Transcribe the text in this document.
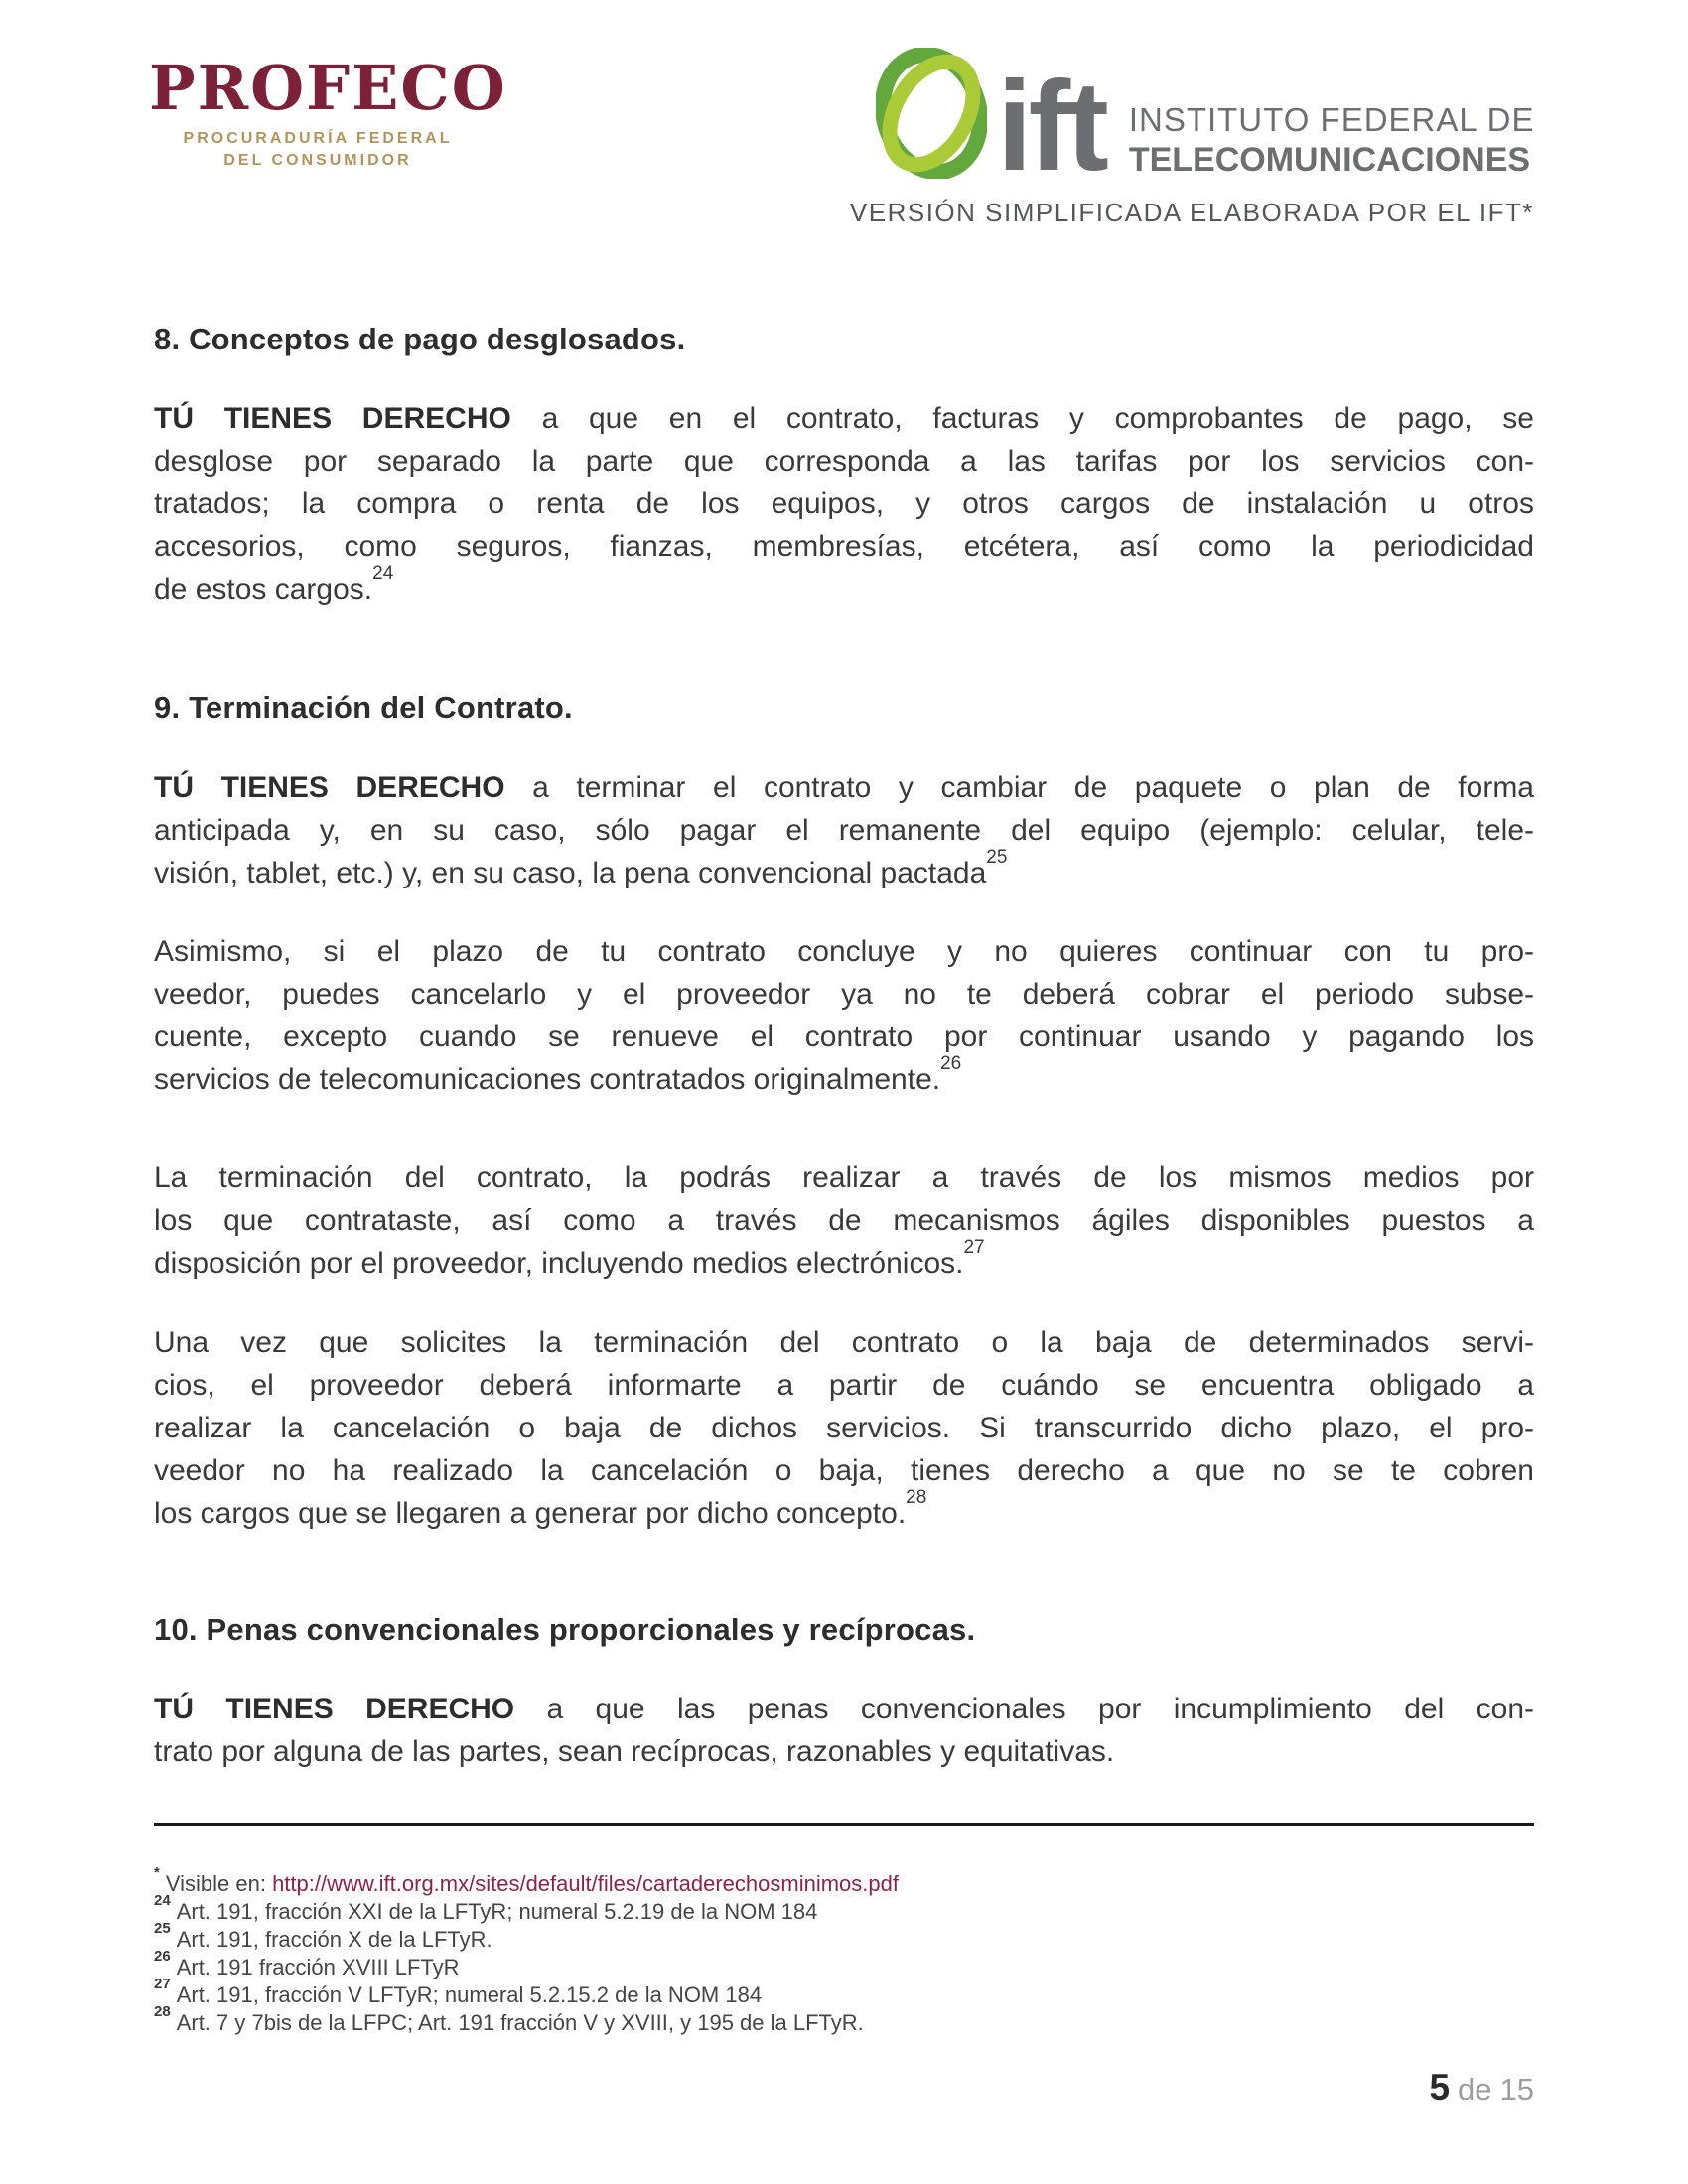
PROFECO
PROCURADURÍA FEDERAL
DEL CONSUMIDOR	ift INSTITUTO FEDERAL DE
TELECOMUNICACIONES
VERSIÓN SIMPLIFICADA ELABORADA POR EL IFT*
8. Conceptos de pago desglosados.
TÚ TIENES DERECHO a que en el contrato, facturas y comprobantes de pago, se
desglose por separado la parte que corresponda a las tarifas por los servicios con-
tratados; la compra o renta de los equipos, y otros cargos de instalación u otros
accesorios, como seguros, fianzas, membresías, etcétera, así como la periodicidad
de estos cargos.$^{24}$
9. Terminación del Contrato.
TÚ TIENES DERECHO a terminar el contrato y cambiar de paquete o plan de forma
anticipada y, en su caso, sólo pagar el remanente del equipo (ejemplo: celular, tele-
visión, tablet, etc.) y, en su caso, la pena convencional pactada$^{25}$
Asimismo, si el plazo de tu contrato concluye y no quieres continuar con tu pro-
veedor, puedes cancelarlo y el proveedor ya no te deberá cobrar el periodo subse-
cuente, excepto cuando se renueve el contrato por continuar usando y pagando los
servicios de telecomunicaciones contratados originalmente.$^{26}$
La terminación del contrato, la podrás realizar a través de los mismos medios por
los que contrataste, así como a través de mecanismos ágiles disponibles puestos a
disposición por el proveedor, incluyendo medios electrónicos.$^{27}$
Una vez que solicites la terminación del contrato o la baja de determinados servi-
cios, el proveedor deberá informarte a partir de cuándo se encuentra obligado a
realizar la cancelación o baja de dichos servicios. Si transcurrido dicho plazo, el pro-
veedor no ha realizado la cancelación o baja, tienes derecho a que no se te cobren
los cargos que se llegaren a generar por dicho concepto.$^{28}$
10. Penas convencionales proporcionales y recíprocas.
TÚ TIENES DERECHO a que las penas convencionales por incumplimiento del con-
trato por alguna de las partes, sean recíprocas, razonables y equitativas.
* Visible en: http://www.ift.org.mx/sites/default/files/cartaderechosminimos.pdf
$^{24}$ Art. 191, fracción XXI de la LFTyR; numeral 5.2.19 de la NOM 184
$^{25}$ Art. 191, fracción X de la LFTyR.
$^{26}$ Art. 191 fracción XVIII LFTyR
$^{27}$ Art. 191, fracción V LFTyR; numeral 5.2.15.2 de la NOM 184
$^{28}$ Art. 7 y 7bis de la LFPC; Art. 191 fracción V y XVIII, y 195 de la LFTyR.
5 de 15
